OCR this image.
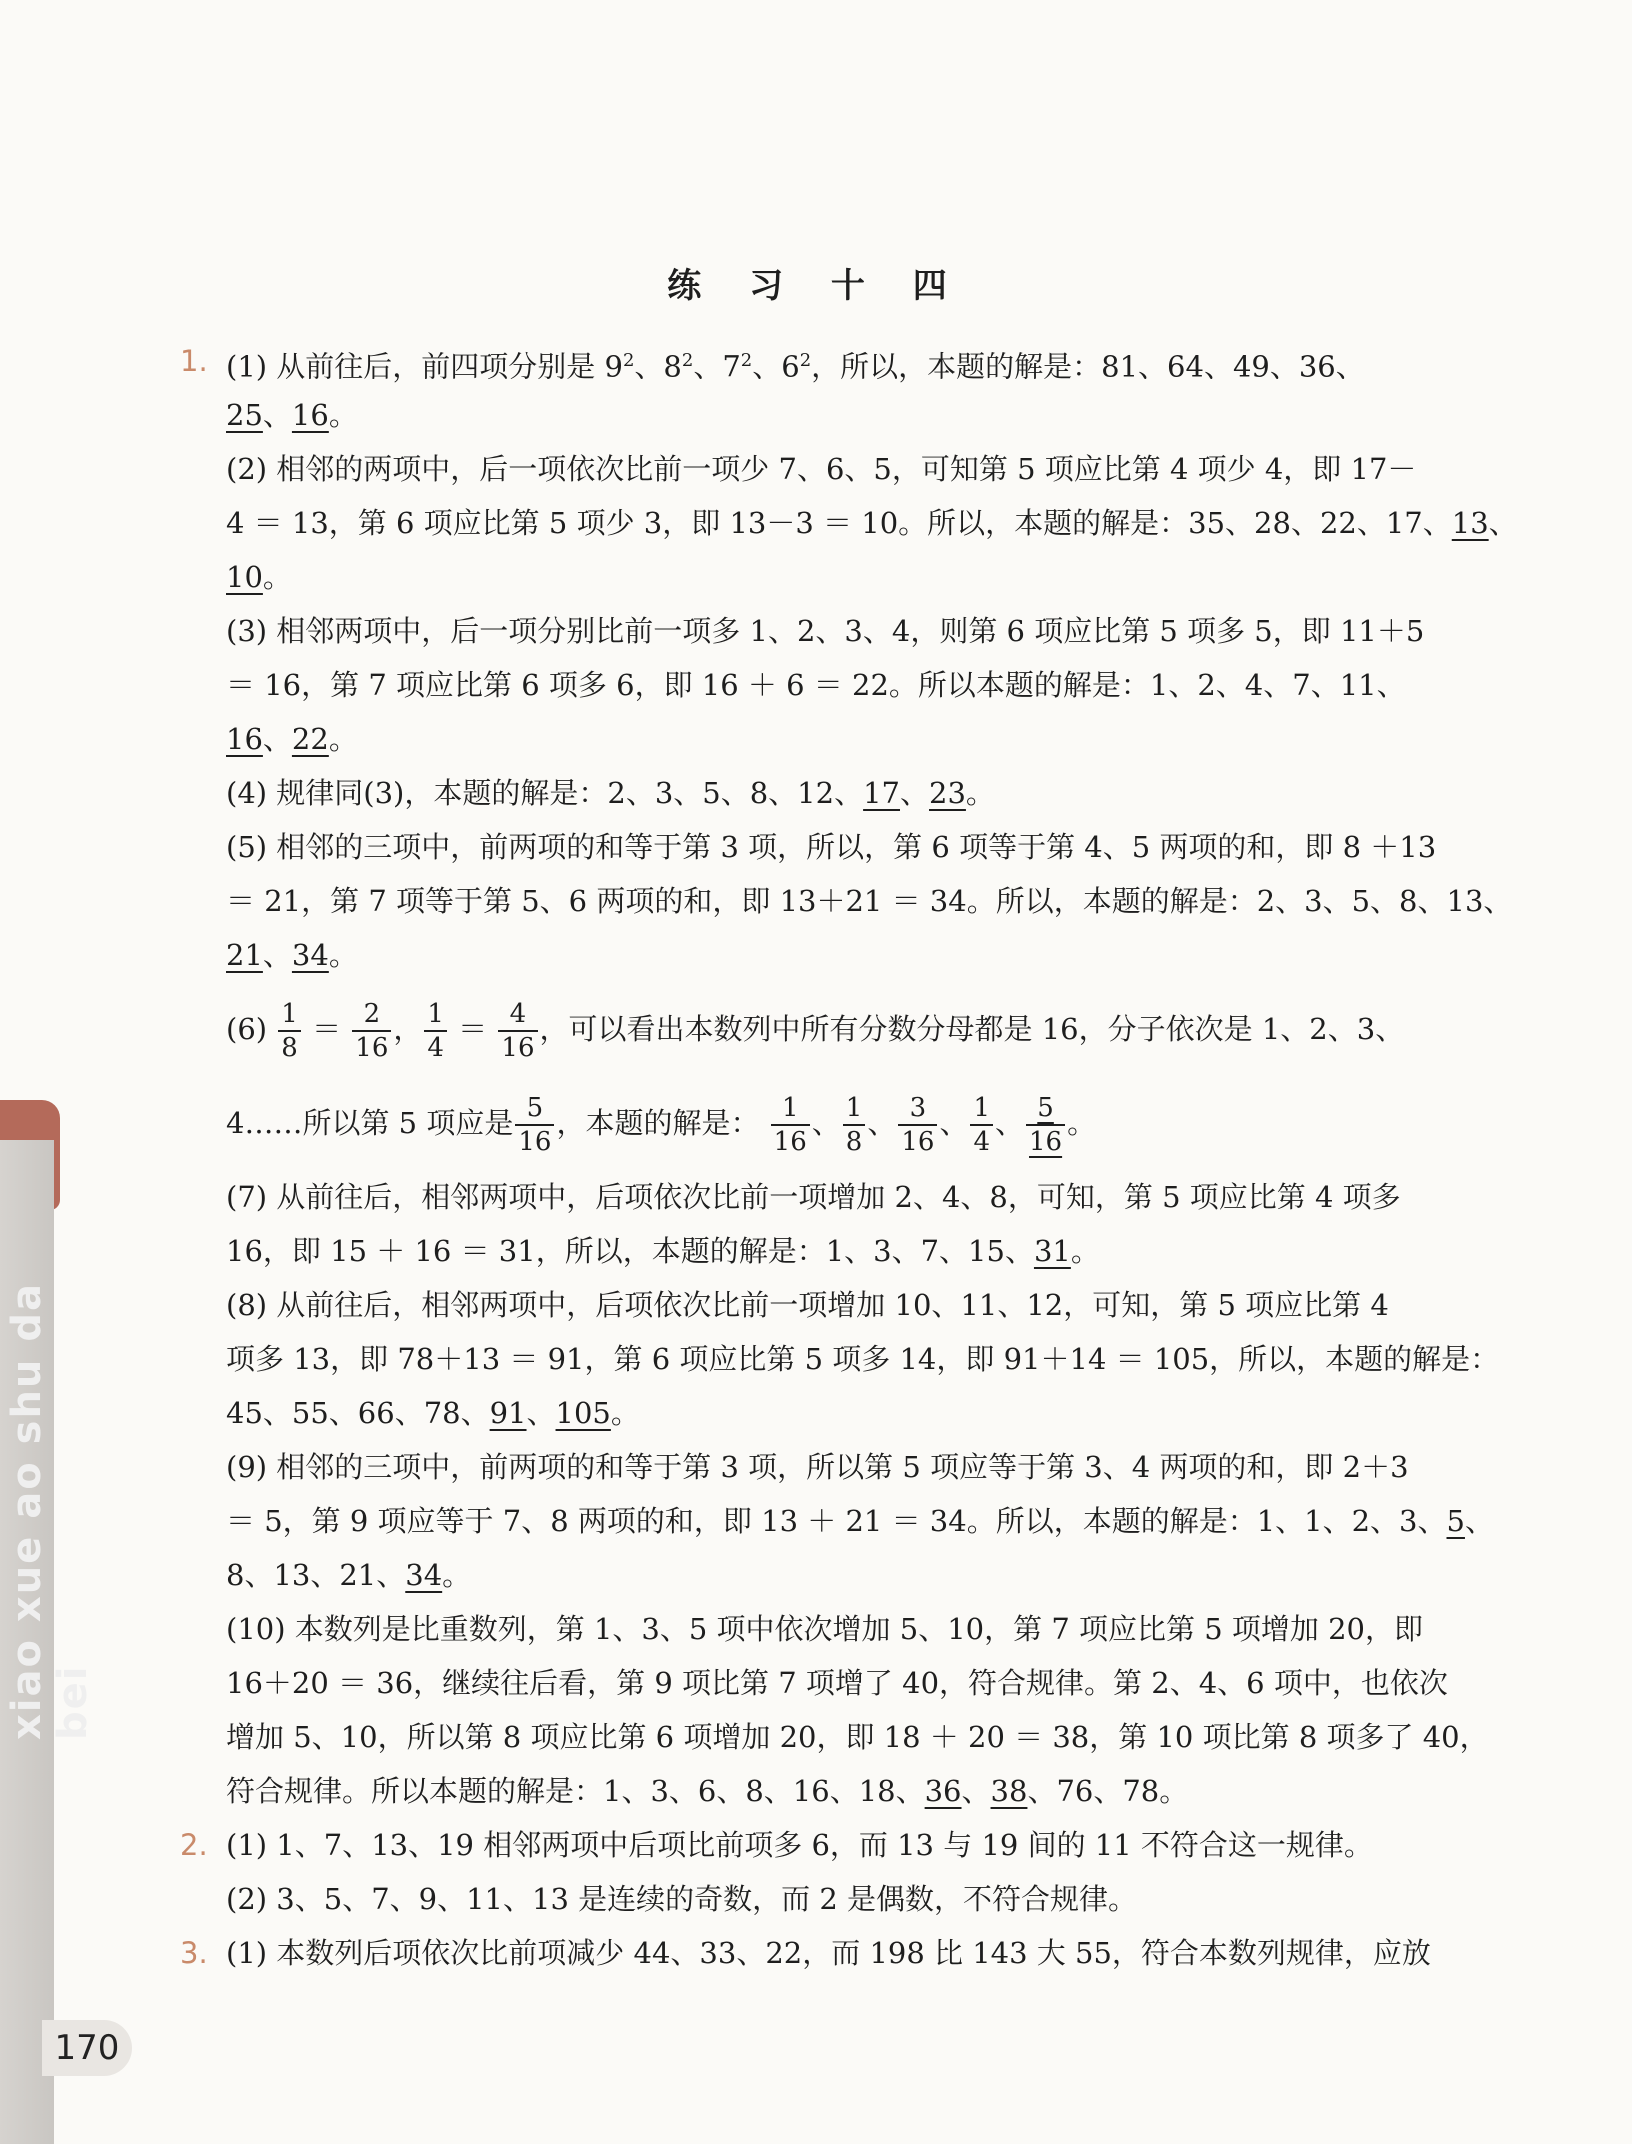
xiao xue ao shu da bei
练 习 十 四
1. (1) 从前往后，前四项分别是 $9^2$、$8^2$、$7^2$、$6^2$，所以，本题的解是：81、64、49、36、
25、16。
(2) 相邻的两项中，后一项依次比前一项少 7、6、5，可知第 5 项应比第 4 项少 4，即 17－
4 ＝ 13，第 6 项应比第 5 项少 3，即 13－3 ＝ 10。所以，本题的解是：35、28、22、17、13、
10。
(3) 相邻两项中，后一项分别比前一项多 1、2、3、4，则第 6 项应比第 5 项多 5，即 11＋5
＝ 16，第 7 项应比第 6 项多 6，即 16 ＋ 6 ＝ 22。所以本题的解是：1、2、4、7、11、
16、22。
(4) 规律同(3)，本题的解是：2、3、5、8、12、17、23。
(5) 相邻的三项中，前两项的和等于第 3 项，所以，第 6 项等于第 4、5 两项的和，即 8 ＋13
＝ 21，第 7 项等于第 5、6 两项的和，即 13＋21 ＝ 34。所以，本题的解是：2、3、5、8、13、
21、34。
$(6) \frac{1}{8} = \frac{2}{16}$ ， $\frac{1}{4} = \frac{4}{16}$ ，可以看出本数列中所有分数分母都是 16，分子依次是 1、2、3、
4……所以第 5 项应是 $\frac{5}{16}$ ，本题的解是： $\frac{1}{16}$ 、 $\frac{1}{8}$ 、 $\frac{3}{16}$ 、 $\frac{1}{4}$ 、 $\frac{5}{16}$ 。
(7) 从前往后，相邻两项中，后项依次比前一项增加 2、4、8，可知，第 5 项应比第 4 项多
16，即 15 ＋ 16 ＝ 31，所以，本题的解是：1、3、7、15、31。
(8) 从前往后，相邻两项中，后项依次比前一项增加 10、11、12，可知，第 5 项应比第 4
项多 13，即 78＋13 ＝ 91，第 6 项应比第 5 项多 14，即 91＋14 ＝ 105，所以，本题的解是：
45、55、66、78、91、105。
(9) 相邻的三项中，前两项的和等于第 3 项，所以第 5 项应等于第 3、4 两项的和，即 2＋3
＝ 5，第 9 项应等于 7、8 两项的和，即 13 ＋ 21 ＝ 34。所以，本题的解是：1、1、2、3、5、
8、13、21、34。
(10) 本数列是比重数列，第 1、3、5 项中依次增加 5、10，第 7 项应比第 5 项增加 20，即
16＋20 ＝ 36，继续往后看，第 9 项比第 7 项增了 40，符合规律。第 2、4、6 项中，也依次
增加 5、10，所以第 8 项应比第 6 项增加 20，即 18 ＋ 20 ＝ 38，第 10 项比第 8 项多了 40，
符合规律。所以本题的解是：1、3、6、8、16、18、36、38、76、78。
2. (1) 1、7、13、19 相邻两项中后项比前项多 6，而 13 与 19 间的 11 不符合这一规律。
(2) 3、5、7、9、11、13 是连续的奇数，而 2 是偶数，不符合规律。
3. (1) 本数列后项依次比前项减少 44、33、22，而 198 比 143 大 55，符合本数列规律，应放
170
